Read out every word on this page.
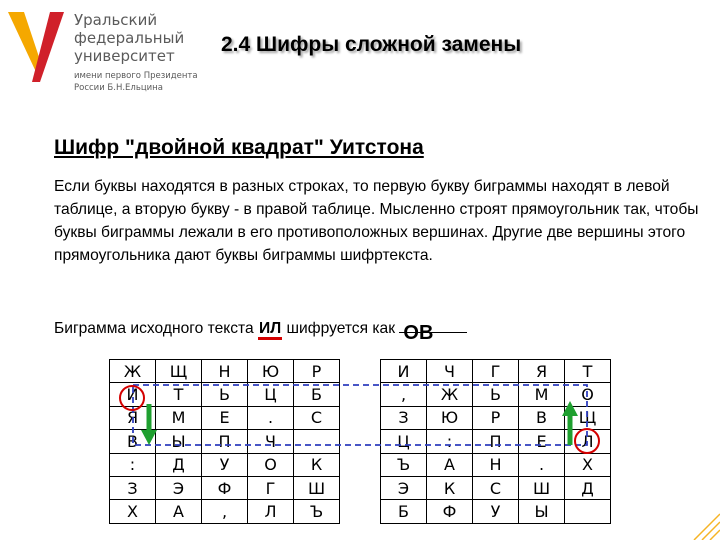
Уральский
федеральный
университет
имени первого Президента
России Б.Н.Ельцина
2.4 Шифры сложной замены
Шифр "двойной квадрат" Уитстона
Если буквы находятся в разных строках, то первую букву биграммы находят в левой таблице, а вторую букву - в правой таблице. Мысленно строят прямоугольник так, чтобы буквы биграммы лежали в его противоположных вершинах. Другие две вершины этого прямоугольника дают буквы биграммы шифртекста.
Биграмма исходного текста ИЛ шифруется как ОВ
Ж	Щ	Н	Ю	Р
И	Т	Ь	Ц	Б
Я	М	Е	.	С
В	Ы	П	Ч	
:	Д	У	О	К
З	Э	Ф	Г	Ш
Х	А	,	Л	Ъ
И	Ч	Г	Я	Т
,	Ж	Ь	М	О
З	Ю	Р	В	Щ
Ц	:	П	Е	Л
Ъ	А	Н	.	Х
Э	К	С	Ш	Д
Б	Ф	У	Ы	
